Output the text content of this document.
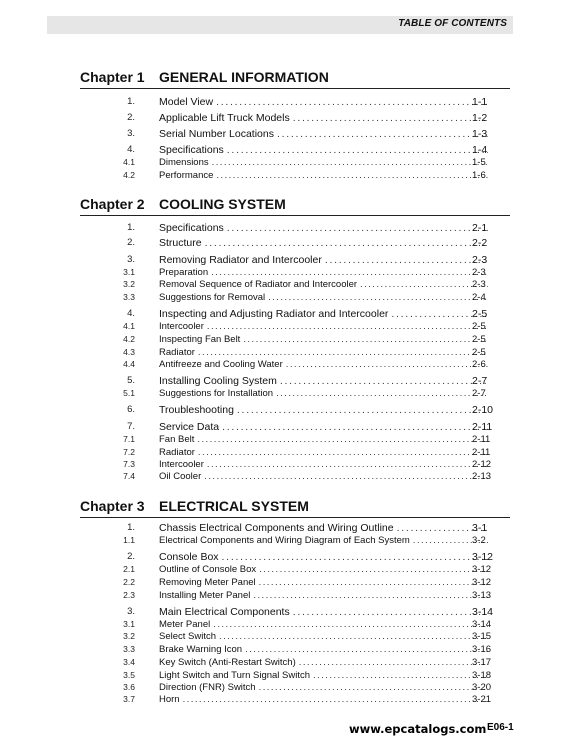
TABLE OF CONTENTS
Chapter 1 GENERAL INFORMATION
1. Model View . . .	1-1
2. Applicable Lift Truck Models . . .	1-2
3. Serial Number Locations . . .	1-3
4. Specifications . . .	1-4
4.1	Dimensions . . .	1-5
4.2	Performance . . .	1-6
Chapter 2 COOLING SYSTEM
1. Specifications . . .	2-1
2. Structure . . .	2-2
3. Removing Radiator and Intercooler . . .	2-3
3.1	Preparation . . .	2-3
3.2	Removal Sequence of Radiator and Intercooler . . .	2-3
3.3	Suggestions for Removal . . .	2-4
4. Inspecting and Adjusting Radiator and Intercooler . . .	2-5
4.1	Intercooler . . .	2-5
4.2	Inspecting Fan Belt . . .	2-5
4.3	Radiator . . .	2-5
4.4	Antifreeze and Cooling Water . . .	2-6
5. Installing Cooling System . . .	2-7
5.1	Suggestions for Installation . . .	2-7
6. Troubleshooting . . .	2-10
7. Service Data . . .	2-11
7.1	Fan Belt . . .	2-11
7.2	Radiator . . .	2-11
7.3	Intercooler . . .	2-12
7.4	Oil Cooler . . .	2-13
Chapter 3 ELECTRICAL SYSTEM
1. Chassis Electrical Components and Wiring Outline . . .	3-1
1.1	Electrical Components and Wiring Diagram of Each System . . .	3-2
2. Console Box . . .	3-12
2.1	Outline of Console Box . . .	3-12
2.2	Removing Meter Panel . . .	3-12
2.3	Installing Meter Panel . . .	3-13
3. Main Electrical Components . . .	3-14
3.1	Meter Panel . . .	3-14
3.2	Select Switch . . .	3-15
3.3	Brake Warning Icon . . .	3-16
3.4	Key Switch (Anti-Restart Switch) . . .	3-17
3.5	Light Switch and Turn Signal Switch . . .	3-18
3.6	Direction (FNR) Switch . . .	3-20
3.7	Horn . . .	3-21
www.epcatalogs.com E06-1
